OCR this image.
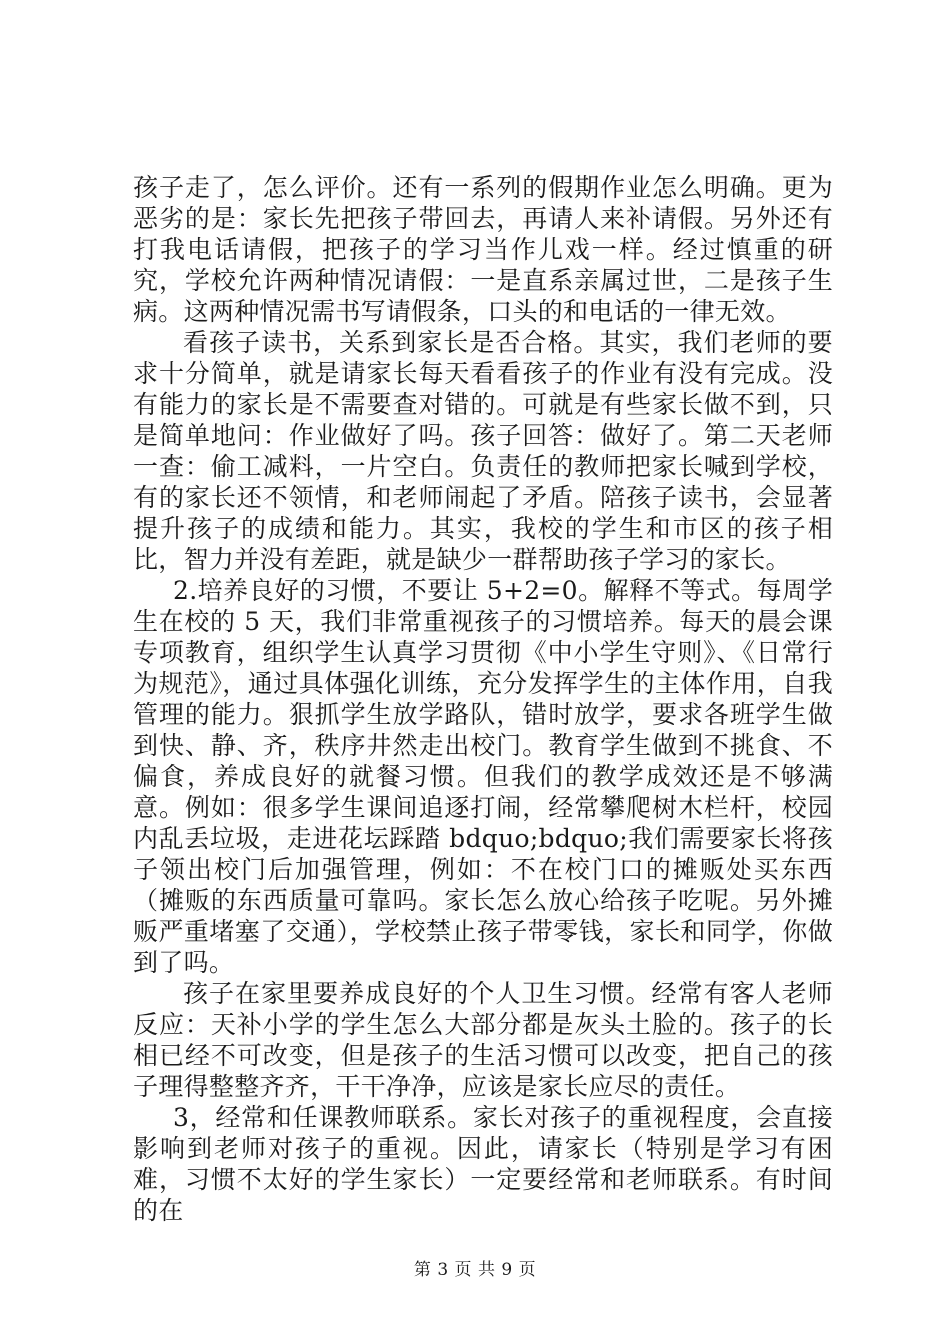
孩子走了，怎么评价。还有一系列的假期作业怎么明确。更为恶劣的是：家长先把孩子带回去，再请人来补请假。另外还有打我电话请假，把孩子的学习当作儿戏一样。经过慎重的研究，学校允许两种情况请假：一是直系亲属过世，二是孩子生病。这两种情况需书写请假条，口头的和电话的一律无效。

看孩子读书，关系到家长是否合格。其实，我们老师的要求十分简单，就是请家长每天看看孩子的作业有没有完成。没有能力的家长是不需要查对错的。可就是有些家长做不到，只是简单地问：作业做好了吗。孩子回答：做好了。第二天老师一查：偷工减料，一片空白。负责任的教师把家长喊到学校，有的家长还不领情，和老师闹起了矛盾。陪孩子读书，会显著提升孩子的成绩和能力。其实，我校的学生和市区的孩子相比，智力并没有差距，就是缺少一群帮助孩子学习的家长。

2.培养良好的习惯，不要让 5+2=0。解释不等式。每周学生在校的 5 天，我们非常重视孩子的习惯培养。每天的晨会课专项教育，组织学生认真学习贯彻《中小学生守则》、《日常行为规范》，通过具体强化训练，充分发挥学生的主体作用，自我管理的能力。狠抓学生放学路队，错时放学，要求各班学生做到快、静、齐，秩序井然走出校门。教育学生做到不挑食、不偏食，养成良好的就餐习惯。但我们的教学成效还是不够满意。例如：很多学生课间追逐打闹，经常攀爬树木栏杆，校园内乱丢垃圾，走进花坛踩踏 bdquo;bdquo;我们需要家长将孩子领出校门后加强管理，例如：不在校门口的摊贩处买东西（摊贩的东西质量可靠吗。家长怎么放心给孩子吃呢。另外摊贩严重堵塞了交通），学校禁止孩子带零钱，家长和同学，你做到了吗。

孩子在家里要养成良好的个人卫生习惯。经常有客人老师反应：天补小学的学生怎么大部分都是灰头土脸的。孩子的长相已经不可改变，但是孩子的生活习惯可以改变，把自己的孩子理得整整齐齐，干干净净，应该是家长应尽的责任。

3，经常和任课教师联系。家长对孩子的重视程度，会直接影响到老师对孩子的重视。因此，请家长（特别是学习有困难，习惯不太好的学生家长）一定要经常和老师联系。有时间的在

第 3 页 共 9 页
